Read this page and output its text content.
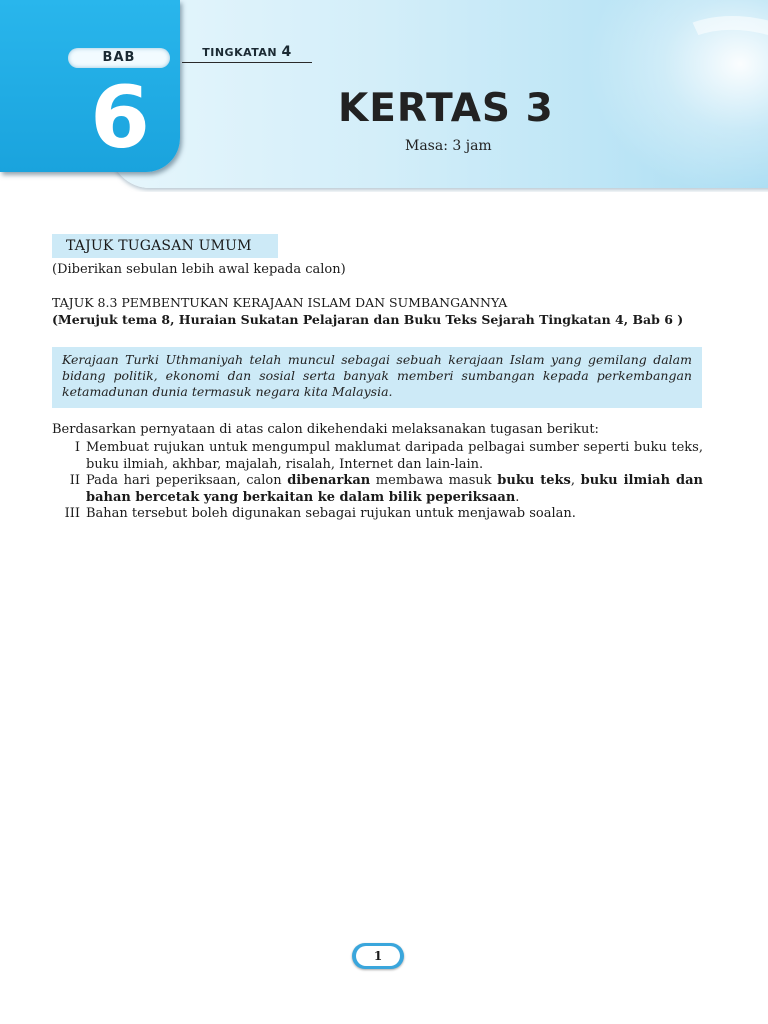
BAB
6
TINGKATAN 4
KERTAS 3
Masa: 3 jam
TAJUK TUGASAN UMUM
(Diberikan sebulan lebih awal kepada calon)
TAJUK 8.3 PEMBENTUKAN KERAJAAN ISLAM DAN SUMBANGANNYA
(Merujuk tema 8, Huraian Sukatan Pelajaran dan Buku Teks Sejarah Tingkatan 4, Bab 6 )

Kerajaan Turki Uthmaniyah telah muncul sebagai sebuah kerajaan Islam yang gemilang dalam bidang politik, ekonomi dan sosial serta banyak memberi sumbangan kepada perkembangan ketamadunan dunia termasuk negara kita Malaysia.

Berdasarkan pernyataan di atas calon dikehendaki melaksanakan tugasan berikut:
I Membuat rujukan untuk mengumpul maklumat daripada pelbagai sumber seperti buku teks, buku ilmiah, akhbar, majalah, risalah, Internet dan lain-lain.
II Pada hari peperiksaan, calon dibenarkan membawa masuk buku teks, buku ilmiah dan bahan bercetak yang berkaitan ke dalam bilik peperiksaan.
III Bahan tersebut boleh digunakan sebagai rujukan untuk menjawab soalan.
1
